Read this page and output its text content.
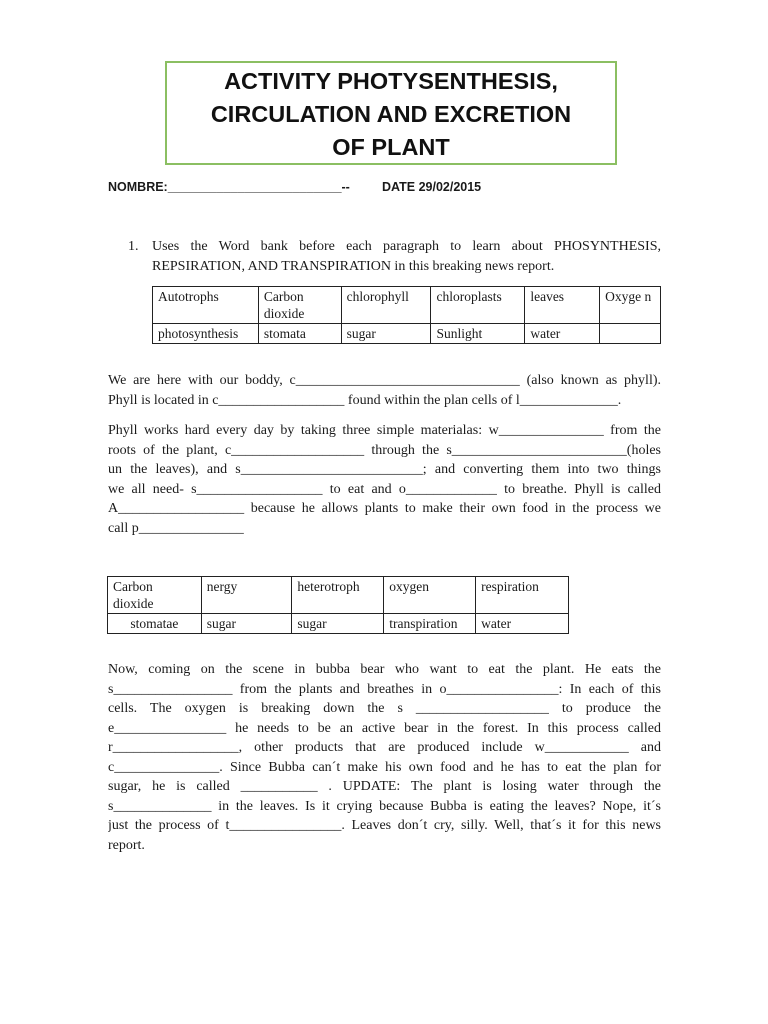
ACTIVITY PHOTYSENTHESIS,
CIRCULATION AND EXCRETION
OF PLANT
NOMBRE:_________________________--	DATE 29/02/2015
1. Uses the Word bank before each paragraph to learn about PHOSYNTHESIS,
REPSIRATION, AND TRANSPIRATION in this breaking news report.
Autotrophs	Carbon dioxide	chlorophyll	chloroplasts	leaves	Oxyge n
photosynthesis	stomata	sugar	Sunlight	water	
We are here with our boddy, c________________________________ (also known as phyll).
Phyll is located in c__________________ found within the plan cells of l______________.
Phyll works hard every day by taking three simple materialas: w_______________ from the
roots of the plant, c___________________ through the s_________________________(holes
un the leaves), and s__________________________; and converting them into two things
we all need- s__________________ to eat and o_____________ to breathe. Phyll is called
A__________________ because he allows plants to make their own food in the process we
call p_______________
Carbon dioxide	nergy	heterotroph	oxygen	respiration
stomatae	sugar	sugar	transpiration	water
Now, coming on the scene in bubba bear who want to eat the plant. He eats the
s_________________ from the plants and breathes in o________________: In each of this
cells. The oxygen is breaking down the s ___________________ to produce the
e________________ he needs to be an active bear in the forest. In this process called
r__________________, other products that are produced include w____________ and
c_______________. Since Bubba can´t make his own food and he has to eat the plan for
sugar, he is called ___________ . UPDATE: The plant is losing water through the
s______________ in the leaves. Is it crying because Bubba is eating the leaves? Nope, it´s
just the process of t________________. Leaves don´t cry, silly. Well, that´s it for this news
report.
